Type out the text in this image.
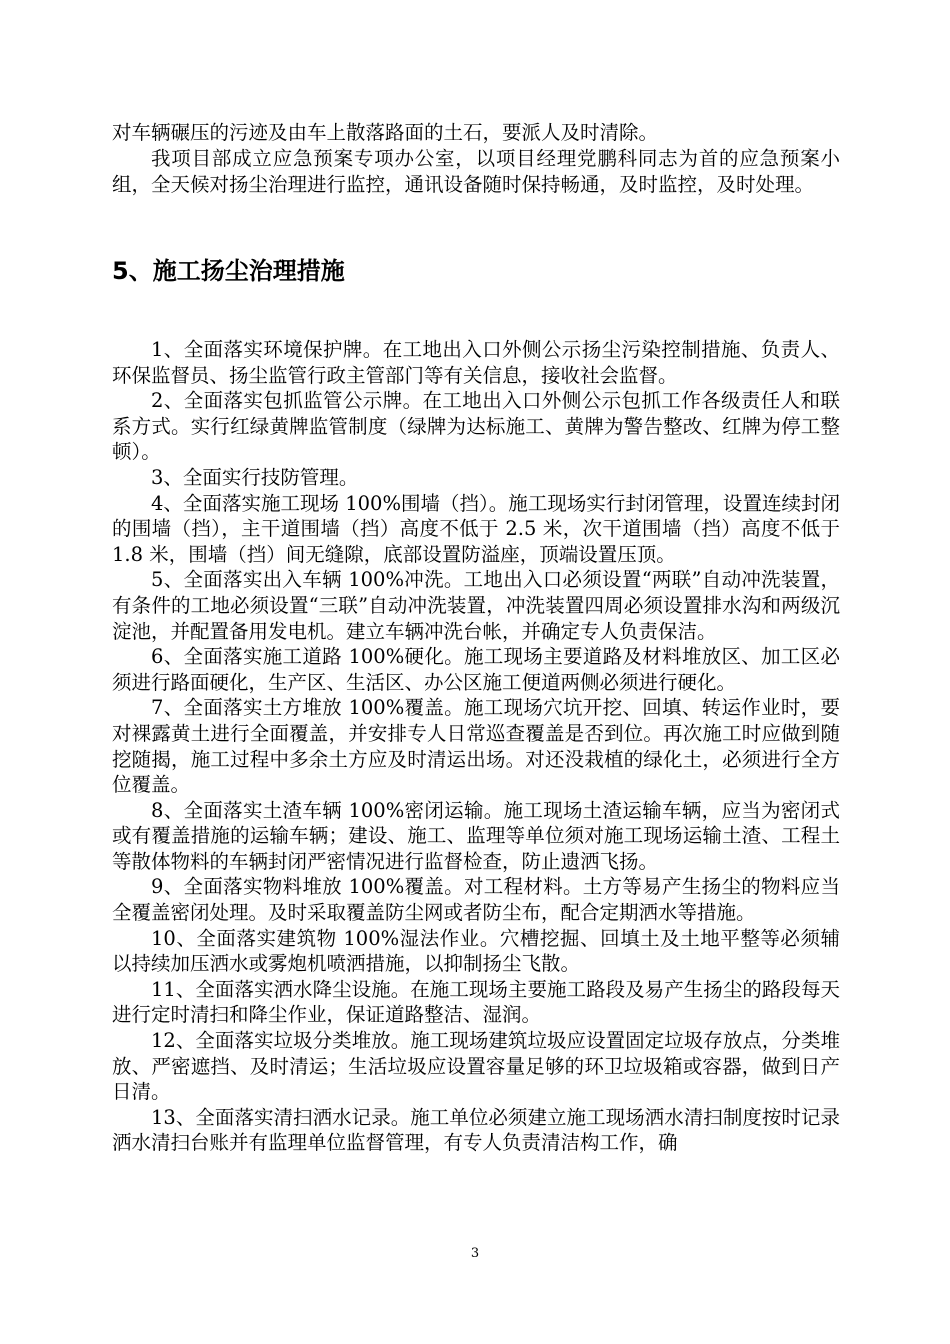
对车辆碾压的污迹及由车上散落路面的土石，要派人及时清除。

我项目部成立应急预案专项办公室，以项目经理党鹏科同志为首的应急预案小组，全天候对扬尘治理进行监控，通讯设备随时保持畅通，及时监控，及时处理。

5、施工扬尘治理措施

1、全面落实环境保护牌。在工地出入口外侧公示扬尘污染控制措施、负责人、环保监督员、扬尘监管行政主管部门等有关信息，接收社会监督。

2、全面落实包抓监管公示牌。在工地出入口外侧公示包抓工作各级责任人和联系方式。实行红绿黄牌监管制度（绿牌为达标施工、黄牌为警告整改、红牌为停工整顿）。

3、全面实行技防管理。

4、全面落实施工现场 100%围墙（挡）。施工现场实行封闭管理，设置连续封闭的围墙（挡），主干道围墙（挡）高度不低于 2.5 米，次干道围墙（挡）高度不低于 1.8 米，围墙（挡）间无缝隙，底部设置防溢座，顶端设置压顶。

5、全面落实出入车辆 100%冲洗。工地出入口必须设置“两联”自动冲洗装置，有条件的工地必须设置“三联”自动冲洗装置，冲洗装置四周必须设置排水沟和两级沉淀池，并配置备用发电机。建立车辆冲洗台帐，并确定专人负责保洁。

6、全面落实施工道路 100%硬化。施工现场主要道路及材料堆放区、加工区必须进行路面硬化，生产区、生活区、办公区施工便道两侧必须进行硬化。

7、全面落实土方堆放 100%覆盖。施工现场穴坑开挖、回填、转运作业时，要对裸露黄土进行全面覆盖，并安排专人日常巡查覆盖是否到位。再次施工时应做到随挖随揭，施工过程中多余土方应及时清运出场。对还没栽植的绿化土，必须进行全方位覆盖。

8、全面落实土渣车辆 100%密闭运输。施工现场土渣运输车辆，应当为密闭式或有覆盖措施的运输车辆；建设、施工、监理等单位须对施工现场运输土渣、工程土等散体物料的车辆封闭严密情况进行监督检查，防止遗洒飞扬。

9、全面落实物料堆放 100%覆盖。对工程材料。土方等易产生扬尘的物料应当全覆盖密闭处理。及时采取覆盖防尘网或者防尘布，配合定期洒水等措施。

10、全面落实建筑物 100%湿法作业。穴槽挖掘、回填土及土地平整等必须辅以持续加压洒水或雾炮机喷洒措施，以抑制扬尘飞散。

11、全面落实洒水降尘设施。在施工现场主要施工路段及易产生扬尘的路段每天进行定时清扫和降尘作业，保证道路整洁、湿润。

12、全面落实垃圾分类堆放。施工现场建筑垃圾应设置固定垃圾存放点，分类堆放、严密遮挡、及时清运；生活垃圾应设置容量足够的环卫垃圾箱或容器，做到日产日清。

13、全面落实清扫洒水记录。施工单位必须建立施工现场洒水清扫制度按时记录洒水清扫台账并有监理单位监督管理，有专人负责清洁构工作，确

3
